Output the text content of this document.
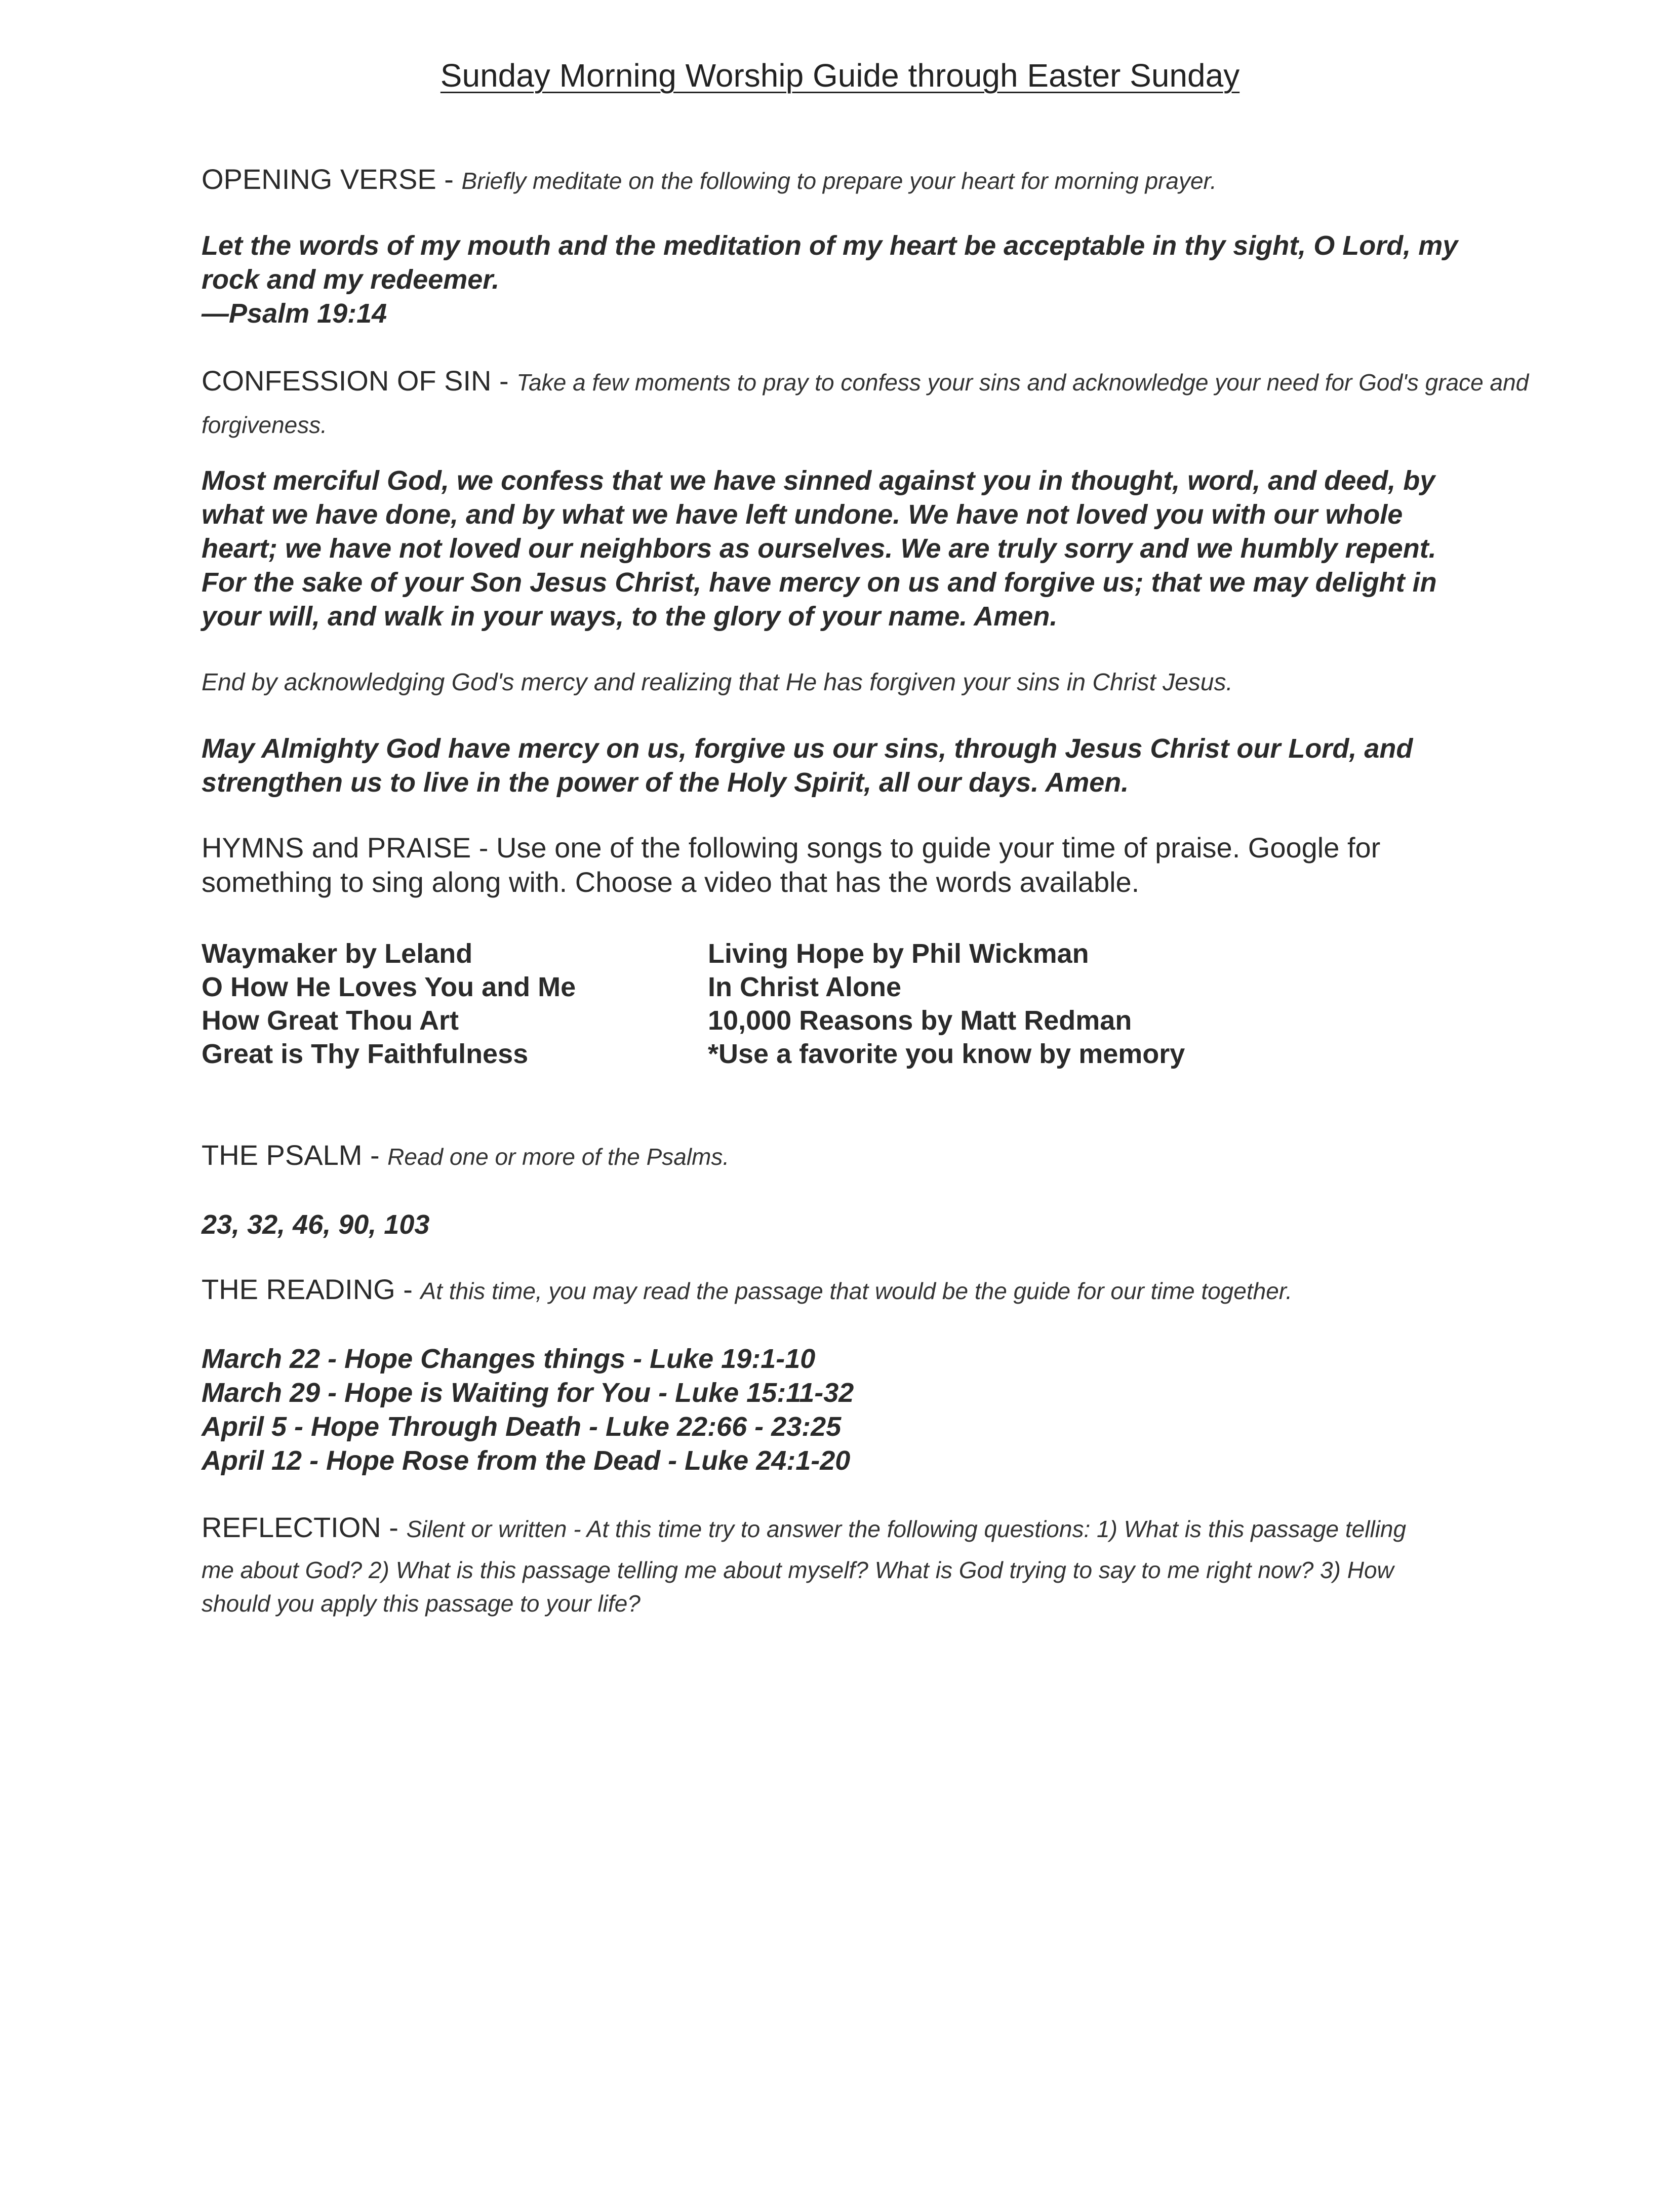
Sunday Morning Worship Guide through Easter Sunday
OPENING VERSE - Briefly meditate on the following to prepare your heart for morning prayer.
Let the words of my mouth and the meditation of my heart be acceptable in thy sight, O Lord, my
rock and my redeemer.
—Psalm 19:14
CONFESSION OF SIN - Take a few moments to pray to confess your sins and acknowledge your need for God's grace and forgiveness.
Most merciful God, we confess that we have sinned against you in thought, word, and deed, by
what we have done, and by what we have left undone. We have not loved you with our whole
heart; we have not loved our neighbors as ourselves. We are truly sorry and we humbly repent.
For the sake of your Son Jesus Christ, have mercy on us and forgive us; that we may delight in
your will, and walk in your ways, to the glory of your name. Amen.
End by acknowledging God's mercy and realizing that He has forgiven your sins in Christ Jesus.
May Almighty God have mercy on us, forgive us our sins, through Jesus Christ our Lord, and
strengthen us to live in the power of the Holy Spirit, all our days. Amen.
HYMNS and PRAISE - Use one of the following songs to guide your time of praise. Google for
something to sing along with. Choose a video that has the words available.
Waymaker by Leland	Living Hope by Phil Wickman
O How He Loves You and Me	In Christ Alone
How Great Thou Art	10,000 Reasons by Matt Redman
Great is Thy Faithfulness	*Use a favorite you know by memory
THE PSALM - Read one or more of the Psalms.
23, 32, 46, 90, 103
THE READING - At this time, you may read the passage that would be the guide for our time together.
March 22 - Hope Changes things - Luke 19:1-10
March 29 - Hope is Waiting for You - Luke 15:11-32
April 5 - Hope Through Death - Luke 22:66 - 23:25
April 12 - Hope Rose from the Dead - Luke 24:1-20
REFLECTION - Silent or written - At this time try to answer the following questions: 1) What is this passage telling
me about God? 2) What is this passage telling me about myself? What is God trying to say to me right now? 3) How
should you apply this passage to your life?
